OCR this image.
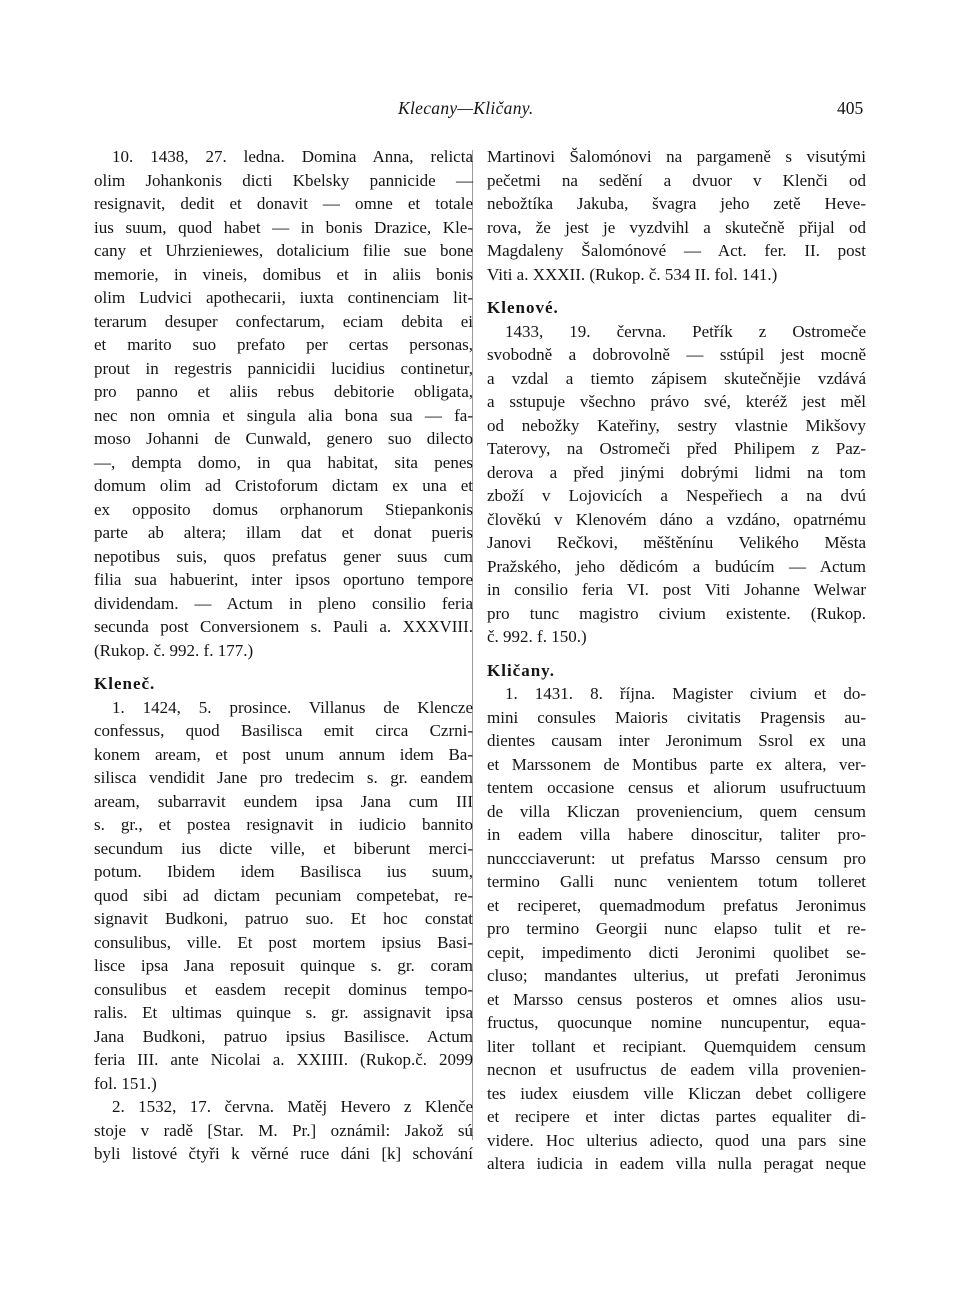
Klecany—Kličany.	405
10. 1438, 27. ledna. Domina Anna, relicta
olim Johankonis dicti Kbelsky pannicide —
resignavit, dedit et donavit — omne et totale
ius suum, quod habet — in bonis Drazice, Kle-
cany et Uhrzieniewes, dotalicium filie sue bone
memorie, in vineis, domibus et in aliis bonis
olim Ludvici apothecarii, iuxta continenciam lit-
terarum desuper confectarum, eciam debita ei
et marito suo prefato per certas personas,
prout in regestris pannicidii lucidius continetur,
pro panno et aliis rebus debitorie obligata,
nec non omnia et singula alia bona sua — fa-
moso Johanni de Cunwald, genero suo dilecto
—, dempta domo, in qua habitat, sita penes
domum olim ad Cristoforum dictam ex una et
ex opposito domus orphanorum Stiepankonis
parte ab altera; illam dat et donat pueris
nepotibus suis, quos prefatus gener suus cum
filia sua habuerint, inter ipsos oportuno tempore
dividendam. — Actum in pleno consilio feria
secunda post Conversionem s. Pauli a. XXXVIII.
(Rukop. č. 992. f. 177.)
Kleneč.
1. 1424, 5. prosince. Villanus de Klencze
confessus, quod Basilisca emit circa Czrni-
konem aream, et post unum annum idem Ba-
silisca vendidit Jane pro tredecim s. gr. eandem
aream, subarravit eundem ipsa Jana cum III
s. gr., et postea resignavit in iudicio bannito
secundum ius dicte ville, et biberunt merci-
potum. Ibidem idem Basilisca ius suum,
quod sibi ad dictam pecuniam competebat, re-
signavit Budkoni, patruo suo. Et hoc constat
consulibus, ville. Et post mortem ipsius Basi-
lisce ipsa Jana reposuit quinque s. gr. coram
consulibus et easdem recepit dominus tempo-
ralis. Et ultimas quinque s. gr. assignavit ipsa
Jana Budkoni, patruo ipsius Basilisce. Actum
feria III. ante Nicolai a. XXIIII. (Rukop.č. 2099
fol. 151.)
2. 1532, 17. června. Matěj Hevero z Klenče
stoje v radě [Star. M. Pr.] oznámil: Jakož sú
byli listové čtyři k věrné ruce dáni [k] schování
Martinovi Šalomónovi na pargameně s visutými
pečetmi na sedění a dvuor v Klenči od
nebožtíka Jakuba, švagra jeho zetě Heve-
rova, že jest je vyzdvihl a skutečně přijal od
Magdaleny Šalomónové — Act. fer. II. post
Viti a. XXXII. (Rukop. č. 534 II. fol. 141.)
Klenové.
1433, 19. června. Petřík z Ostromeče
svobodně a dobrovolně — sstúpil jest mocně
a vzdal a tiemto zápisem skutečnějie vzdává
a sstupuje všechno právo své, kteréž jest měl
od nebožky Kateřiny, sestry vlastnie Mikšovy
Taterovy, na Ostromeči před Philipem z Paz-
derova a před jinými dobrými lidmi na tom
zboží v Lojovicích a Nespeřiech a na dvú
člověkú v Klenovém dáno a vzdáno, opatrnému
Janovi Rečkovi, měštěnínu Velikého Města
Pražského, jeho dědicóm a budúcím — Actum
in consilio feria VI. post Viti Johanne Welwar
pro tunc magistro civium existente. (Rukop.
č. 992. f. 150.)
Kličany.
1. 1431. 8. října. Magister civium et do-
mini consules Maioris civitatis Pragensis au-
dientes causam inter Jeronimum Ssrol ex una
et Marssonem de Montibus parte ex altera, ver-
tentem occasione census et aliorum usufructuum
de villa Kliczan proveniencium, quem censum
in eadem villa habere dinoscitur, taliter pro-
nunccciaverunt: ut prefatus Marsso censum pro
termino Galli nunc venientem totum tolleret
et reciperet, quemadmodum prefatus Jeronimus
pro termino Georgii nunc elapso tulit et re-
cepit, impedimento dicti Jeronimi quolibet se-
cluso; mandantes ulterius, ut prefati Jeronimus
et Marsso census posteros et omnes alios usu-
fructus, quocunque nomine nuncupentur, equa-
liter tollant et recipiant. Quemquidem censum
necnon et usufructus de eadem villa provenien-
tes iudex eiusdem ville Kliczan debet colligere
et recipere et inter dictas partes equaliter di-
videre. Hoc ulterius adiecto, quod una pars sine
altera iudicia in eadem villa nulla peragat neque
